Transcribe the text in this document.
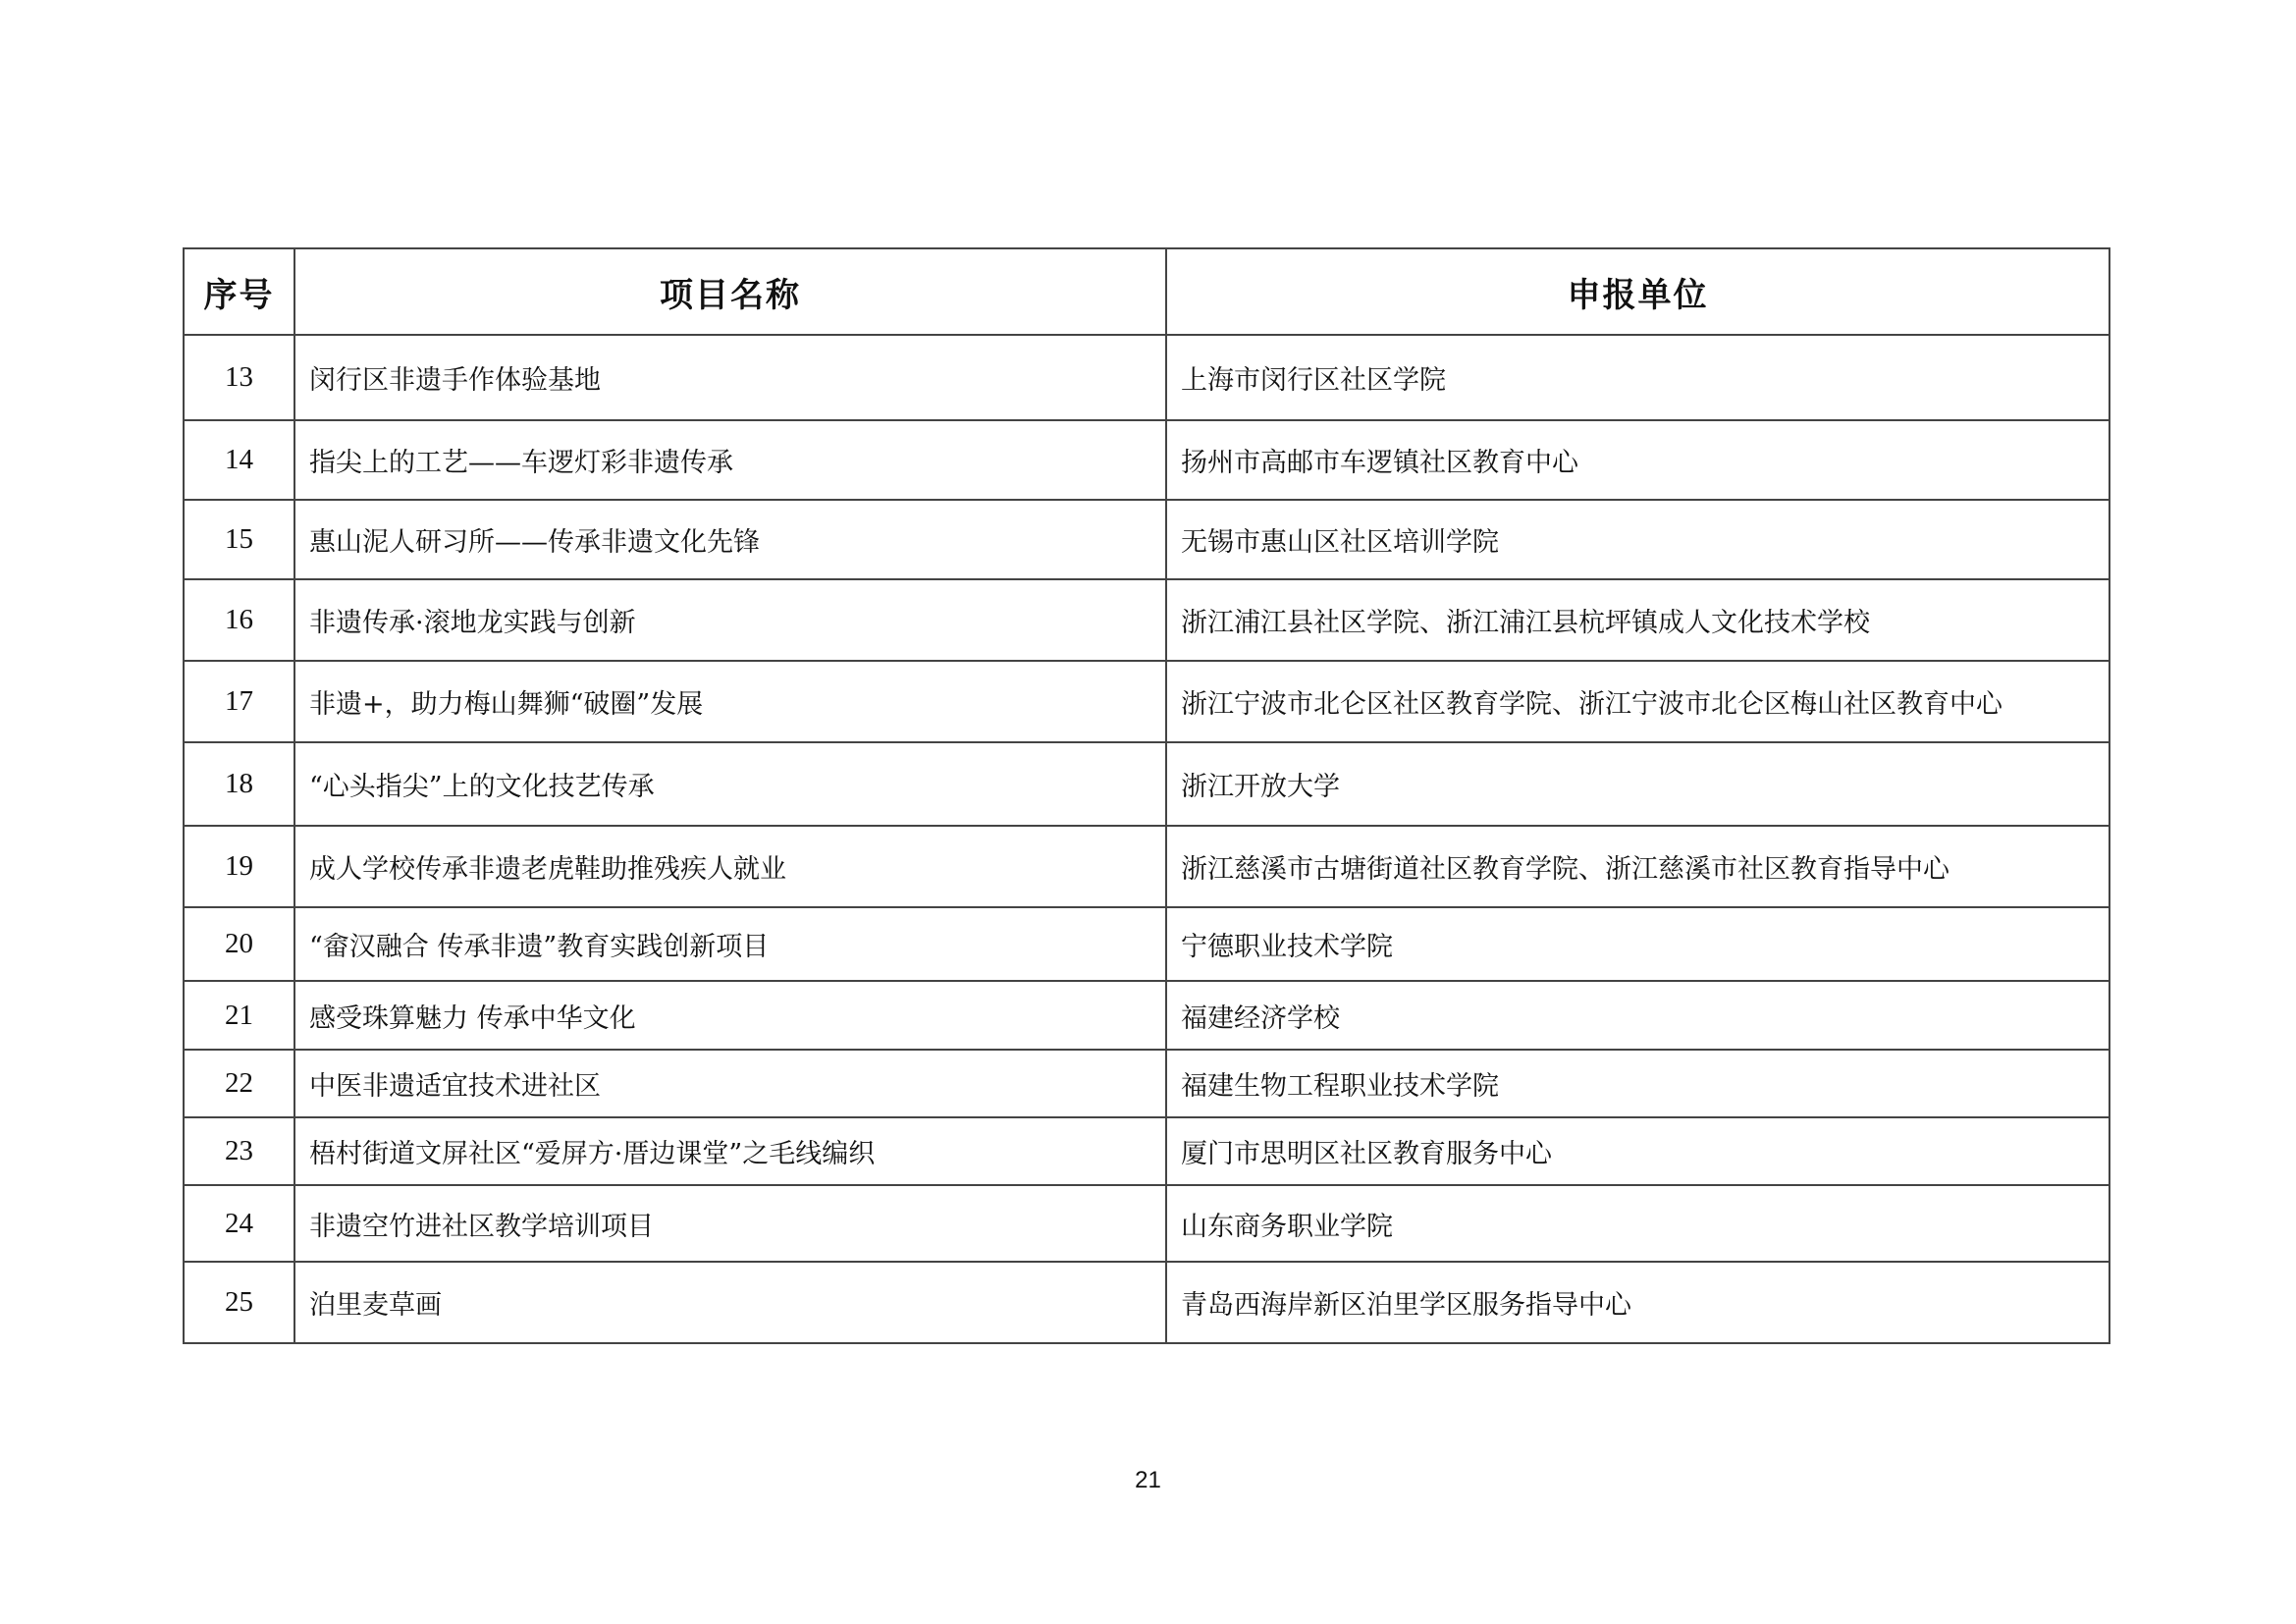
序号	项目名称	申报单位
13	闵行区非遗手作体验基地	上海市闵行区社区学院
14	指尖上的工艺——车逻灯彩非遗传承	扬州市高邮市车逻镇社区教育中心
15	惠山泥人研习所——传承非遗文化先锋	无锡市惠山区社区培训学院
16	非遗传承·滚地龙实践与创新	浙江浦江县社区学院、浙江浦江县杭坪镇成人文化技术学校
17	非遗+，助力梅山舞狮“破圈”发展	浙江宁波市北仑区社区教育学院、浙江宁波市北仑区梅山社区教育中心
18	“心头指尖”上的文化技艺传承	浙江开放大学
19	成人学校传承非遗老虎鞋助推残疾人就业	浙江慈溪市古塘街道社区教育学院、浙江慈溪市社区教育指导中心
20	“畲汉融合 传承非遗”教育实践创新项目	宁德职业技术学院
21	感受珠算魅力 传承中华文化	福建经济学校
22	中医非遗适宜技术进社区	福建生物工程职业技术学院
23	梧村街道文屏社区“爱屏方·厝边课堂”之毛线编织	厦门市思明区社区教育服务中心
24	非遗空竹进社区教学培训项目	山东商务职业学院
25	泊里麦草画	青岛西海岸新区泊里学区服务指导中心
21
